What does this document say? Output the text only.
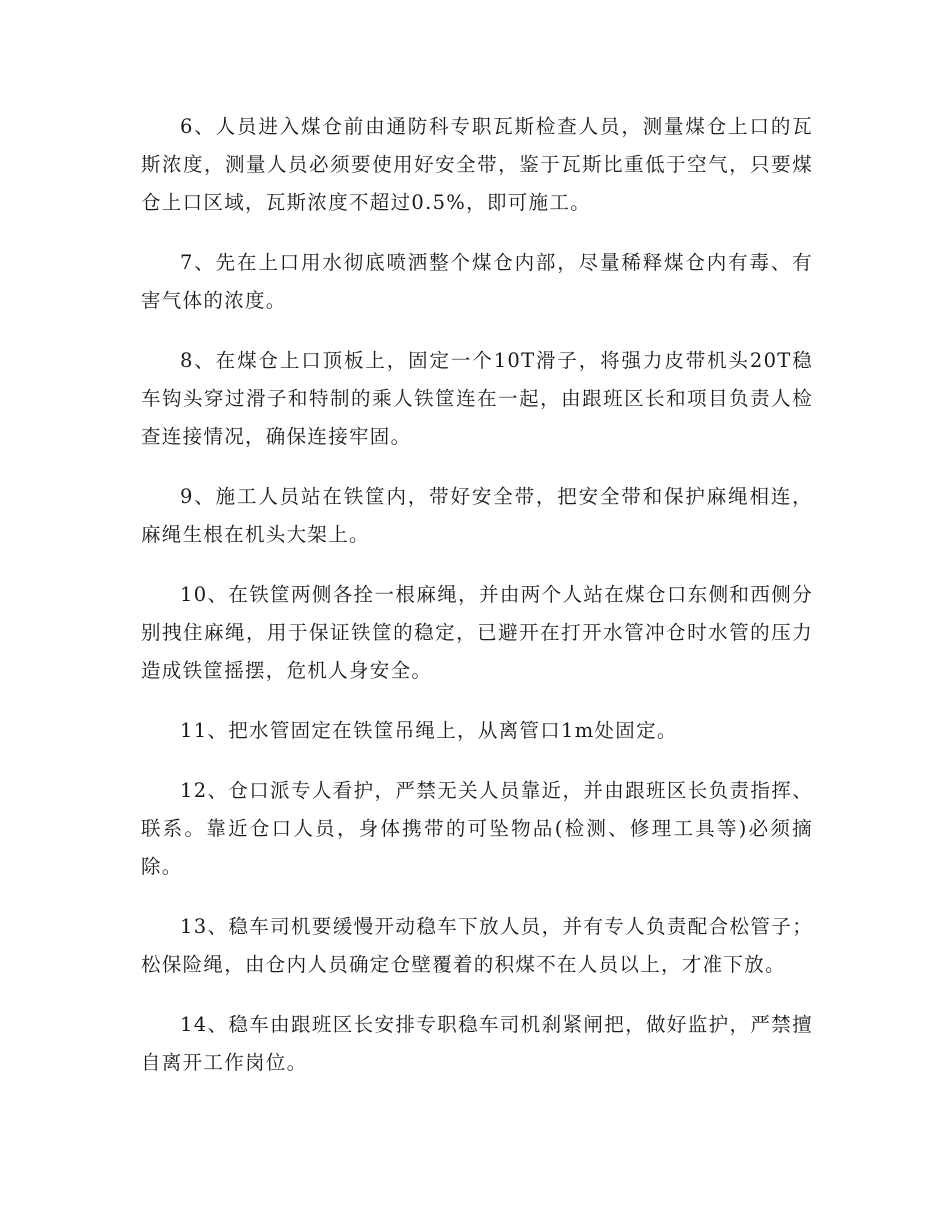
6、人员进入煤仓前由通防科专职瓦斯检查人员，测量煤仓上口的瓦斯浓度，测量人员必须要使用好安全带，鉴于瓦斯比重低于空气，只要煤仓上口区域，瓦斯浓度不超过0.5%，即可施工。

7、先在上口用水彻底喷洒整个煤仓内部，尽量稀释煤仓内有毒、有害气体的浓度。

8、在煤仓上口顶板上，固定一个10T滑子，将强力皮带机头20T稳车钩头穿过滑子和特制的乘人铁筐连在一起，由跟班区长和项目负责人检查连接情况，确保连接牢固。

9、施工人员站在铁筐内，带好安全带，把安全带和保护麻绳相连，麻绳生根在机头大架上。

10、在铁筐两侧各拴一根麻绳，并由两个人站在煤仓口东侧和西侧分别拽住麻绳，用于保证铁筐的稳定，已避开在打开水管冲仓时水管的压力造成铁筐摇摆，危机人身安全。

11、把水管固定在铁筐吊绳上，从离管口1m处固定。

12、仓口派专人看护，严禁无关人员靠近，并由跟班区长负责指挥、联系。靠近仓口人员，身体携带的可坠物品(检测、修理工具等)必须摘除。

13、稳车司机要缓慢开动稳车下放人员，并有专人负责配合松管子；松保险绳，由仓内人员确定仓壁覆着的积煤不在人员以上，才准下放。

14、稳车由跟班区长安排专职稳车司机刹紧闸把，做好监护，严禁擅自离开工作岗位。
